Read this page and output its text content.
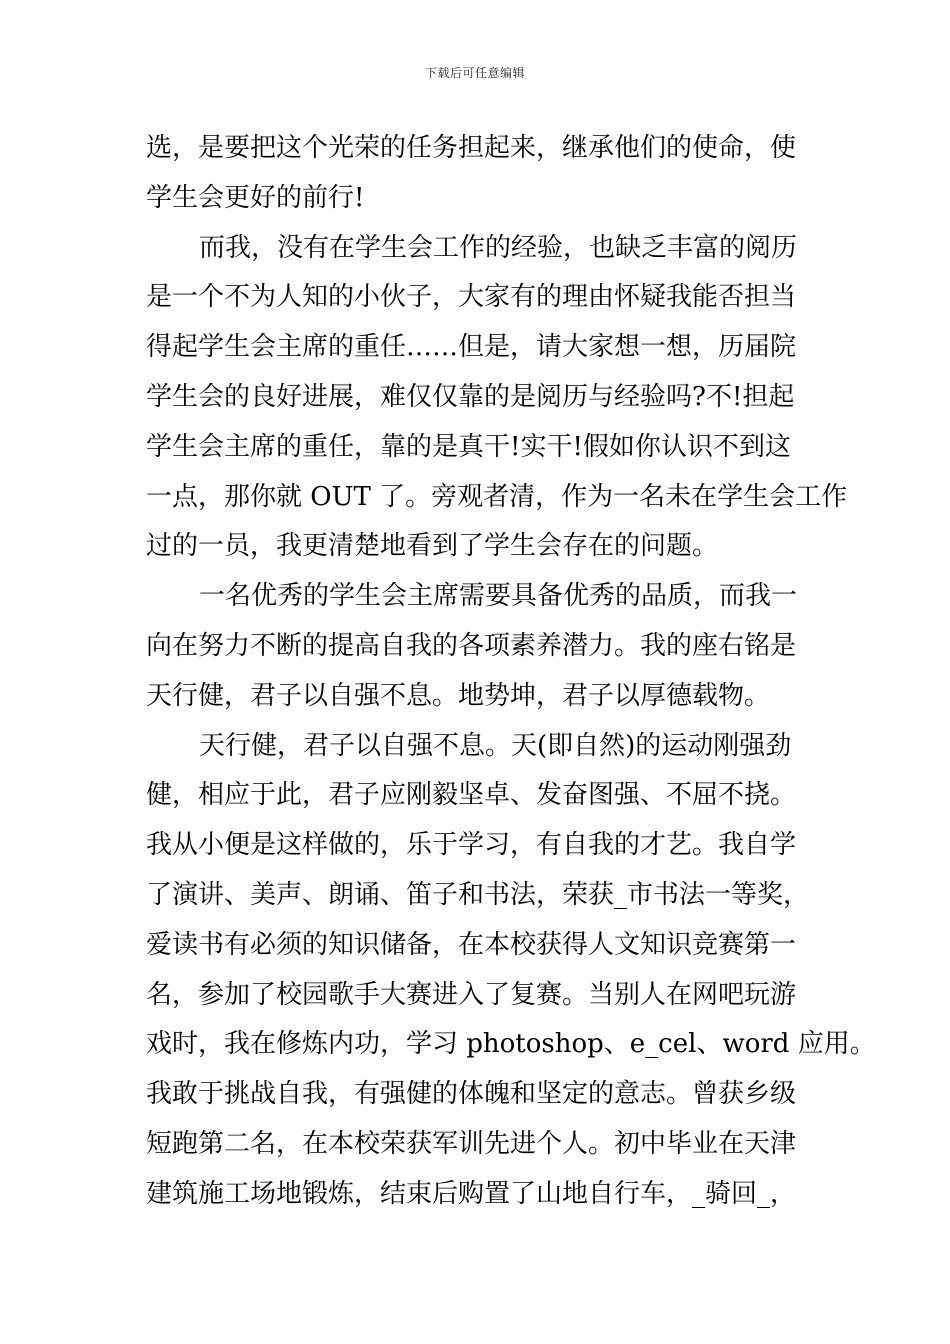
下载后可任意编辑
选，是要把这个光荣的任务担起来，继承他们的使命，使
学生会更好的前行!
而我，没有在学生会工作的经验，也缺乏丰富的阅历
是一个不为人知的小伙子，大家有的理由怀疑我能否担当
得起学生会主席的重任……但是，请大家想一想，历届院
学生会的良好进展，难仅仅靠的是阅历与经验吗?不!担起
学生会主席的重任，靠的是真干!实干!假如你认识不到这
一点，那你就 OUT 了。旁观者清，作为一名未在学生会工作
过的一员，我更清楚地看到了学生会存在的问题。
一名优秀的学生会主席需要具备优秀的品质，而我一
向在努力不断的提高自我的各项素养潜力。我的座右铭是
天行健，君子以自强不息。地势坤，君子以厚德载物。
天行健，君子以自强不息。天(即自然)的运动刚强劲
健，相应于此，君子应刚毅坚卓、发奋图强、不屈不挠。
我从小便是这样做的，乐于学习，有自我的才艺。我自学
了演讲、美声、朗诵、笛子和书法，荣获_市书法一等奖，
爱读书有必须的知识储备，在本校获得人文知识竞赛第一
名，参加了校园歌手大赛进入了复赛。当别人在网吧玩游
戏时，我在修炼内功，学习 photoshop、e_cel、word 应用。
我敢于挑战自我，有强健的体魄和坚定的意志。曾获乡级
短跑第二名，在本校荣获军训先进个人。初中毕业在天津
建筑施工场地锻炼，结束后购置了山地自行车，_骑回_，
